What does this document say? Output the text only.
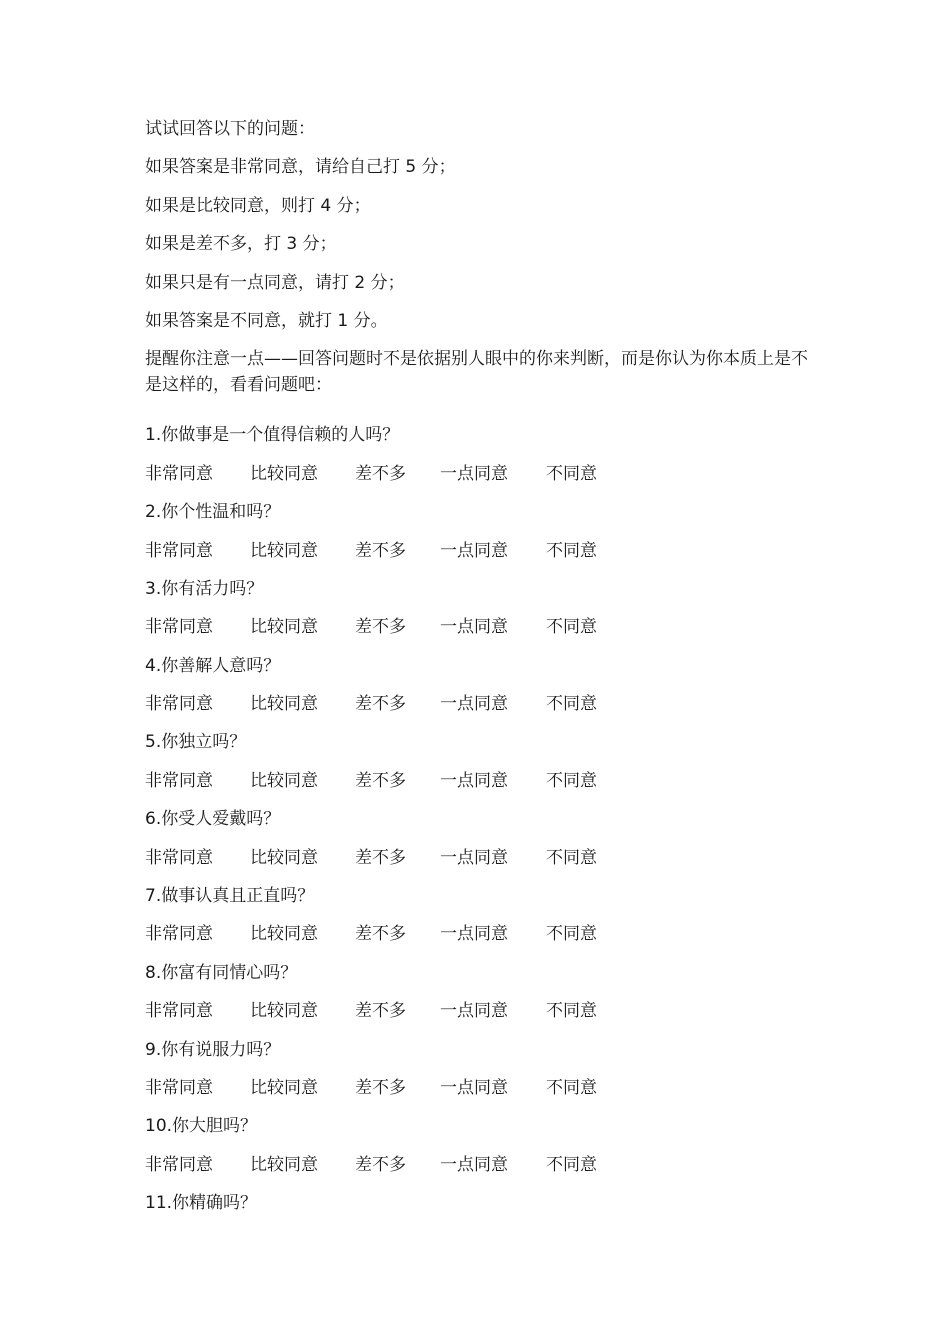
试试回答以下的问题：
如果答案是非常同意，请给自己打 5 分；
如果是比较同意，则打 4 分；
如果是差不多，打 3 分；
如果只是有一点同意，请打 2 分；
如果答案是不同意，就打 1 分。
提醒你注意一点——回答问题时不是依据别人眼中的你来判断，而是你认为你本质上是不是这样的，看看问题吧：
1.你做事是一个值得信赖的人吗？
非常同意	比较同意	差不多	一点同意	不同意
2.你个性温和吗？
非常同意	比较同意	差不多	一点同意	不同意
3.你有活力吗？
非常同意	比较同意	差不多	一点同意	不同意
4.你善解人意吗？
非常同意	比较同意	差不多	一点同意	不同意
5.你独立吗？
非常同意	比较同意	差不多	一点同意	不同意
6.你受人爱戴吗？
非常同意	比较同意	差不多	一点同意	不同意
7.做事认真且正直吗？
非常同意	比较同意	差不多	一点同意	不同意
8.你富有同情心吗？
非常同意	比较同意	差不多	一点同意	不同意
9.你有说服力吗？
非常同意	比较同意	差不多	一点同意	不同意
10.你大胆吗？
非常同意	比较同意	差不多	一点同意	不同意
11.你精确吗？
